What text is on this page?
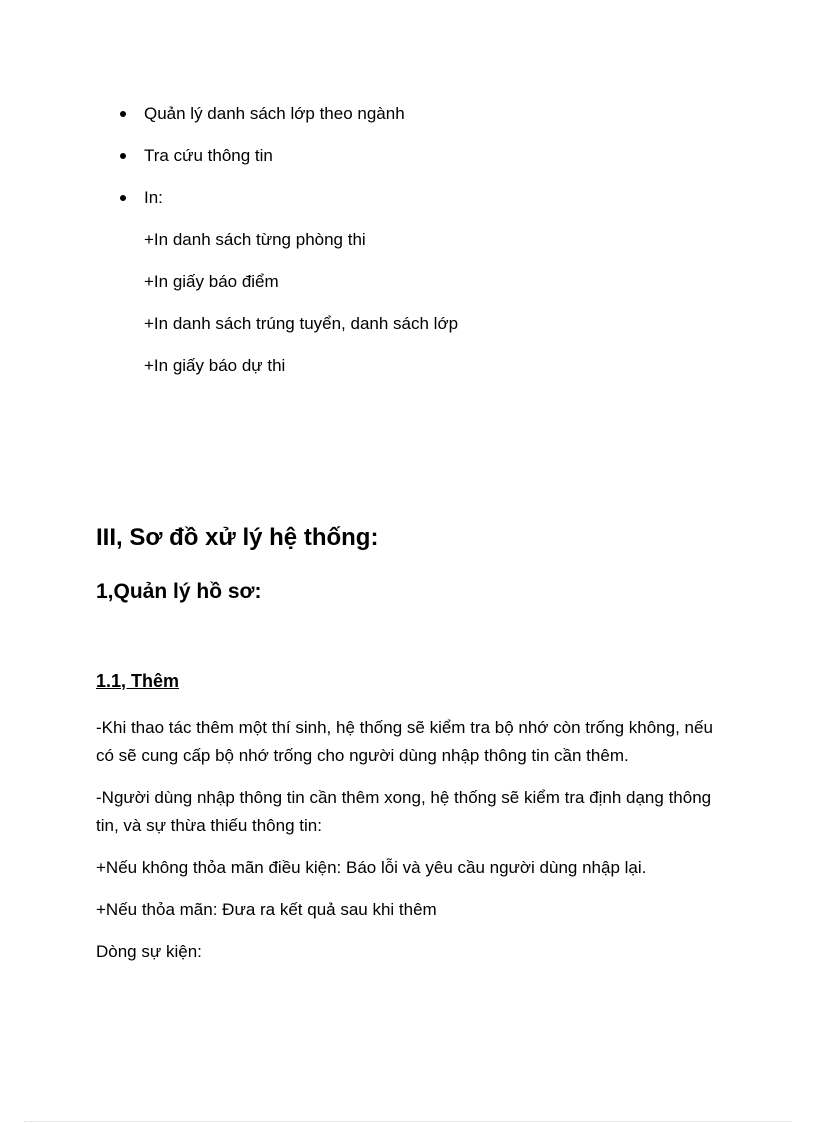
Quản lý danh sách lớp theo ngành
Tra cứu thông tin
In:
+In danh sách từng phòng thi
+In giấy báo điểm
+In danh sách trúng tuyển, danh sách lớp
+In giấy báo dự thi
III, Sơ đồ xử lý hệ thống:
1,Quản lý hồ sơ:
1.1, Thêm

-Khi thao tác thêm một thí sinh, hệ thống sẽ kiểm tra bộ nhớ còn trống không, nếu có sẽ cung cấp bộ nhớ trống cho người dùng nhập thông tin cần thêm.

-Người dùng nhập thông tin cần thêm xong, hệ thống sẽ kiểm tra định dạng thông tin, và sự thừa thiếu thông tin:

+Nếu không thỏa mãn điều kiện: Báo lỗi và yêu cầu người dùng nhập lại.

+Nếu thỏa mãn: Đưa ra kết quả sau khi thêm

Dòng sự kiện:
